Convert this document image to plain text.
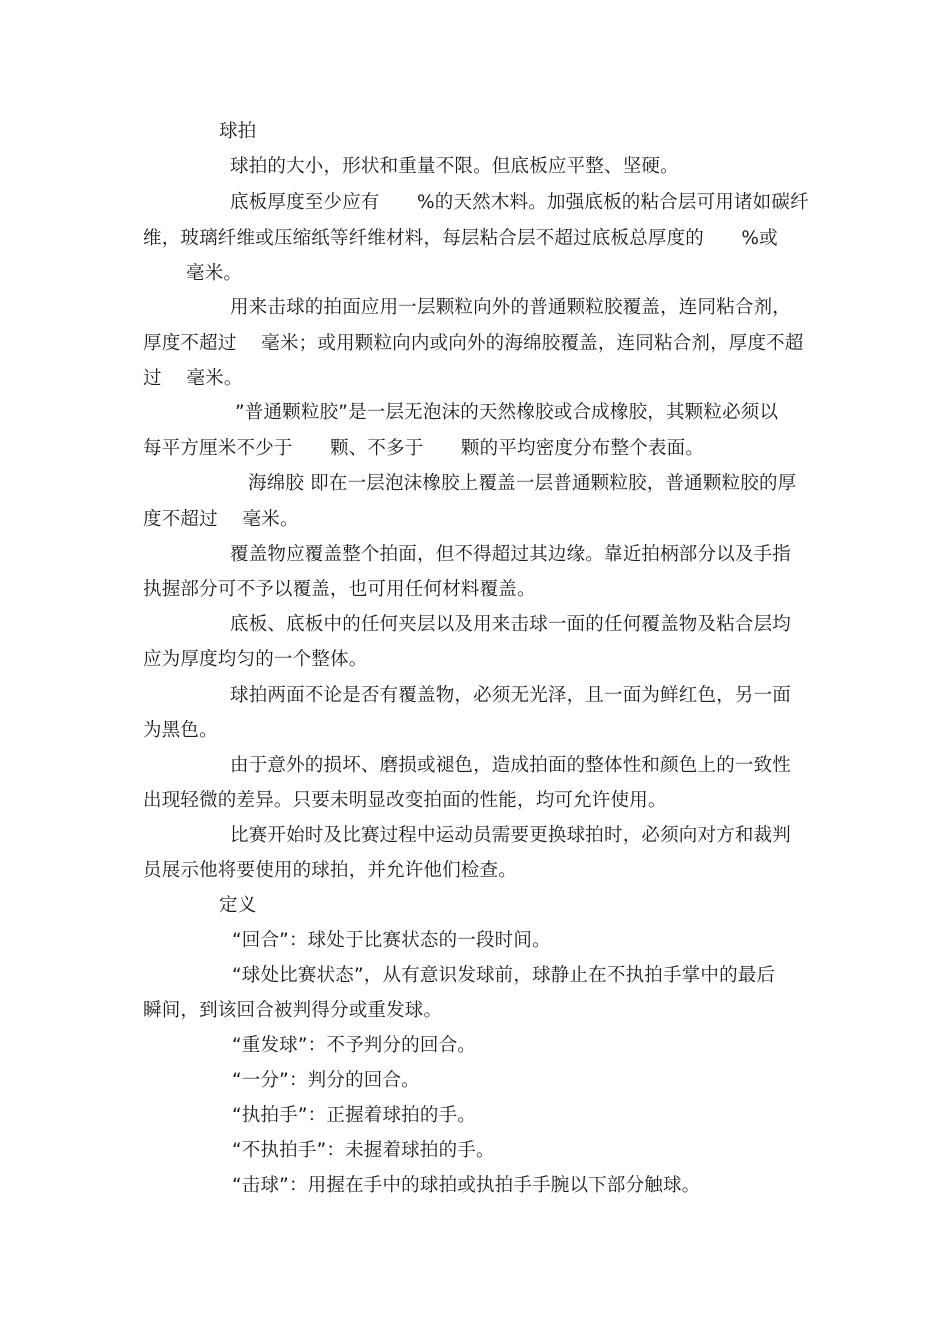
球拍
球拍的大小，形状和重量不限。但底板应平整、坚硬。
底板厚度至少应有　　%的天然木料。加强底板的粘合层可用诸如碳纤
维，玻璃纤维或压缩纸等纤维材料，每层粘合层不超过底板总厚度的　　%或
毫米。
用来击球的拍面应用一层颗粒向外的普通颗粒胶覆盖，连同粘合剂，
厚度不超过　 毫米；或用颗粒向内或向外的海绵胶覆盖，连同粘合剂，厚度不超
过　 毫米。
”普通颗粒胶”是一层无泡沫的天然橡胶或合成橡胶，其颗粒必须以
每平方厘米不少于　　颗、不多于　　颗的平均密度分布整个表面。
海绵胶 即在一层泡沫橡胶上覆盖一层普通颗粒胶，普通颗粒胶的厚
度不超过　 毫米。
覆盖物应覆盖整个拍面，但不得超过其边缘。靠近拍柄部分以及手指
执握部分可不予以覆盖，也可用任何材料覆盖。
底板、底板中的任何夹层以及用来击球一面的任何覆盖物及粘合层均
应为厚度均匀的一个整体。
球拍两面不论是否有覆盖物，必须无光泽，且一面为鲜红色，另一面
为黑色。
由于意外的损坏、磨损或褪色，造成拍面的整体性和颜色上的一致性
出现轻微的差异。只要未明显改变拍面的性能，均可允许使用。
比赛开始时及比赛过程中运动员需要更换球拍时，必须向对方和裁判
员展示他将要使用的球拍，并允许他们检查。
定义
“回合”：球处于比赛状态的一段时间。
“球处比赛状态”，从有意识发球前，球静止在不执拍手掌中的最后
瞬间，到该回合被判得分或重发球。
“重发球”：不予判分的回合。
“一分”：判分的回合。
“执拍手”：正握着球拍的手。
“不执拍手”：未握着球拍的手。
“击球”：用握在手中的球拍或执拍手手腕以下部分触球。
